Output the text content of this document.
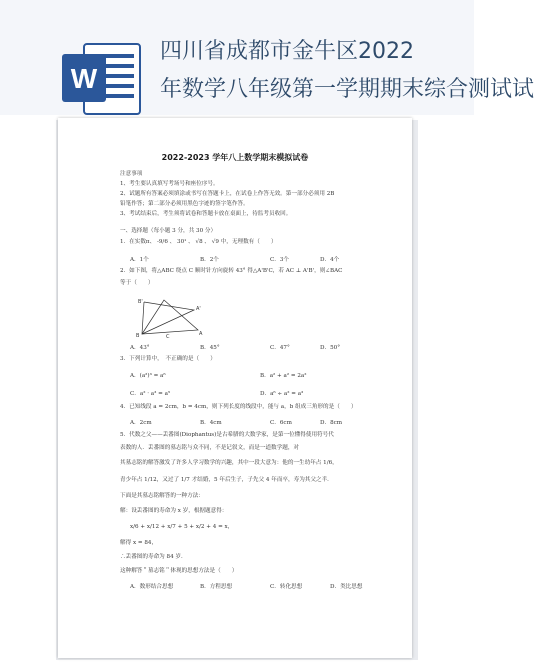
W
四川省成都市金牛区2022
年数学八年级第一学期期末综合测试试
2022-2023 学年八上数学期末模拟试卷
注意事项
1、考生要认真填写考场号和座位序号。
2、试题所有答案必须填涂或书写在答题卡上，在试卷上作答无效。第一部分必须用 2B
铅笔作答；第二部分必须用黑色字迹的签字笔作答。
3、考试结束后，考生须将试卷和答题卡放在桌面上，待监考员收回。
一、选择题（每小题 3 分，共 30 分）
1．在实数π、 -9/6 、 30¹ 、 √8 、 √9 中，无理数有（　　）
A．1个	B．2个	C．3个	D．4个
2．如下图，将△ABC 绕点 C 顺时针方向旋转 43° 得△A'B'C，若 AC ⊥ A'B'，则∠BAC
等于（　　）
B'
A'
B	C	A
A．43°	B．45°	C．47°	D．50°
3．下列计算中，　不正确的是（　　）
A．(a²)³ = a⁶	B．a² + a² = 2a²
C．a² · a³ = a⁵	D．a⁶ ÷ a² = a³
4．已知线段 a = 2cm，b = 4cm，则下列长度的线段中，能与 a，b 组成三角形的是（　　）
A．2cm	B．4cm	C．6cm	D．8cm
5．代数之父——丢番图(Diophantus)是古希腊的大数学家，是第一位懂得使用符号代
表数的人．丢番图的墓志铭与众不同，不是记叙文，而是一道数学题，对
其墓志铭的解答激发了许多人学习数学的兴趣，其中一段大意为：他的一生幼年占 1/6，
青少年占 1/12，又过了 1/7 才结婚，5 年后生子，子先父 4 年而卒，寿为其父之半．
下面是其墓志铭解答的一种方法：
解：设丢番图的寿命为 x 岁，根据题意得：
x/6 + x/12 + x/7 + 5 + x/2 + 4 = x，
解得 x = 84，
∴丢番图的寿命为 84 岁．
这种解答＂墓志铭＂体现的思想方法是（　　）
A．数形结合思想	B．方程思想	C．转化思想	D．类比思想
